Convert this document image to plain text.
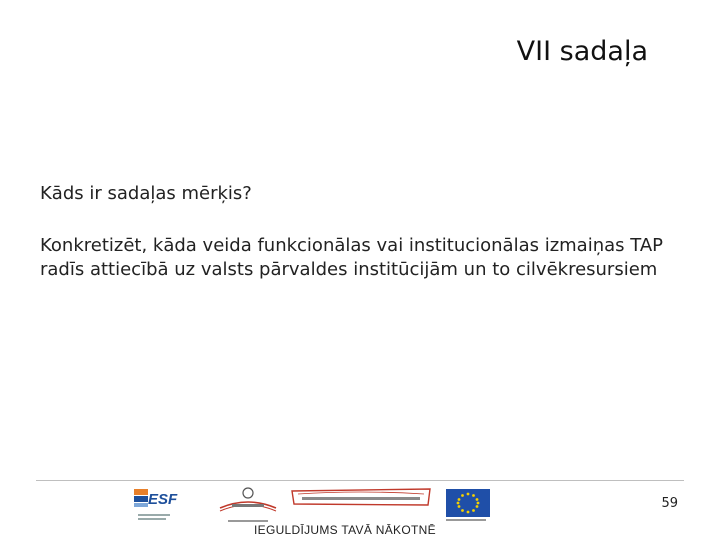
VII sadaļa
Kāds ir sadaļas mērķis?
Konkretizēt, kāda veida funkcionālas vai institucionālas izmaiņas TAP radīs attiecībā uz valsts pārvaldes institūcijām un to cilvēkresursiem
59
ESF
IEGULDĪJUMS TAVĀ NĀKOTNĒ
